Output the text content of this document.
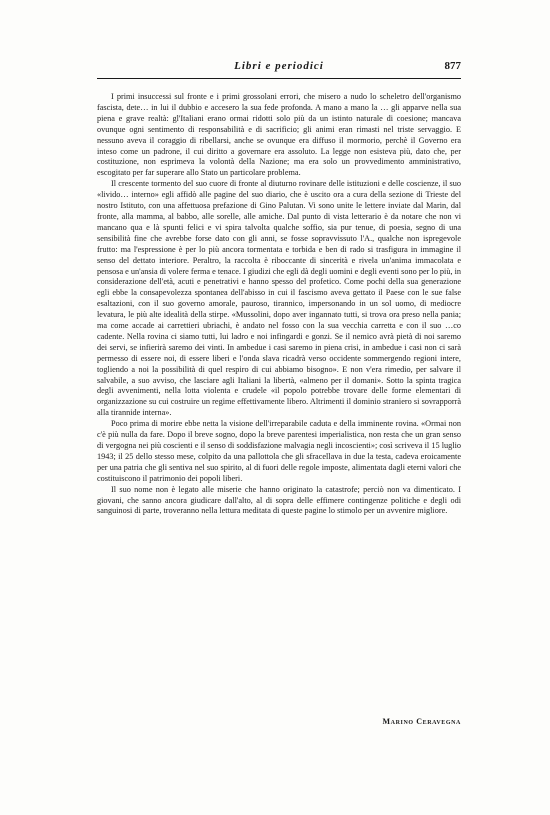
Libri e periodici	877

I primi insuccessi sul fronte e i primi grossolani errori, che misero a nudo lo scheletro dell'organismo fascista, dete… in lui il dubbio e accesero la sua fede profonda. A mano a mano la … gli apparve nella sua piena e grave realtà: gl'Italiani erano ormai ridotti solo più da un istinto naturale di coesione; mancava ovunque ogni sentimento di responsabilità e di sacrificio; gli animi eran rimasti nel triste servaggio. E nessuno aveva il coraggio di ribellarsi, anche se ovunque era diffuso il mormorio, perchè il Governo era inteso come un padrone, il cui diritto a governare era assoluto. La legge non esisteva più, dato che, per costituzione, non esprimeva la volontà della Nazione; ma era solo un provvedimento amministrativo, escogitato per far superare allo Stato un particolare problema.

Il crescente tormento del suo cuore di fronte al diuturno rovinare delle istituzioni e delle coscienze, il suo «livido… interno» egli affidò alle pagine del suo diario, che è uscito ora a cura della sezione di Trieste del nostro Istituto, con una affettuosa prefazione di Gino Palutan. Vi sono unite le lettere inviate dal Marin, dal fronte, alla mamma, al babbo, alle sorelle, alle amiche. Dal punto di vista letterario è da notare che non vi mancano qua e là spunti felici e vi spira talvolta qualche soffio, sia pur tenue, di poesia, segno di una sensibilità fine che avrebbe forse dato con gli anni, se fosse sopravvissuto l'A., qualche non ispregevole frutto: ma l'espressione è per lo più ancora tormentata e torbida e ben di rado si trasfigura in immagine il senso del dettato interiore. Peraltro, la raccolta è riboccante di sincerità e rivela un'anima immacolata e pensosa e un'ansia di volere ferma e tenace. I giudizi che egli dà degli uomini e degli eventi sono per lo più, in considerazione dell'età, acuti e penetrativi e hanno spesso del profetico. Come pochi della sua generazione egli ebbe la consapevolezza spontanea dell'abisso in cui il fascismo aveva gettato il Paese con le sue false esaltazioni, con il suo governo amorale, pauroso, tirannico, impersonando in un sol uomo, di mediocre levatura, le più alte idealità della stirpe. «Mussolini, dopo aver ingannato tutti, si trova ora preso nella pania; ma come accade ai carrettieri ubriachi, è andato nel fosso con la sua vecchia carretta e con il suo …co cadente. Nella rovina ci siamo tutti, lui ladro e noi infingardi e gonzi. Se il nemico avrà pietà di noi saremo dei servi, se infierirà saremo dei vinti. In ambedue i casi saremo in piena crisi, in ambedue i casi non ci sarà permesso di essere noi, di essere liberi e l'onda slava ricadrà verso occidente sommergendo regioni intere, togliendo a noi la possibilità di quel respiro di cui abbiamo bisogno». E non v'era rimedio, per salvare il salvabile, a suo avviso, che lasciare agli Italiani la libertà, «almeno per il domani». Sotto la spinta tragica degli avvenimenti, nella lotta violenta e crudele «il popolo potrebbe trovare delle forme elementari di organizzazione su cui costruire un regime effettivamente libero. Altrimenti il dominio straniero si sovrapporrà alla tirannide interna».

Poco prima di morire ebbe netta la visione dell'irreparabile caduta e della imminente rovina. «Ormai non c'è più nulla da fare. Dopo il breve sogno, dopo la breve parentesi imperialistica, non resta che un gran senso di vergogna nei più coscienti e il senso di soddisfazione malvagia negli incoscienti»; così scriveva il 15 luglio 1943; il 25 dello stesso mese, colpito da una pallottola che gli sfracellava in due la testa, cadeva eroicamente per una patria che gli sentiva nel suo spirito, al di fuori delle regole imposte, alimentata dagli eterni valori che costituiscono il patrimonio dei popoli liberi.

Il suo nome non è legato alle miserie che hanno originato la catastrofe; perciò non va dimenticato. I giovani, che sanno ancora giudicare dall'alto, al di sopra delle effimere contingenze politiche e degli odi sanguinosi di parte, troveranno nella lettura meditata di queste pagine lo stimolo per un avvenire migliore.

Marino Ceravegna
